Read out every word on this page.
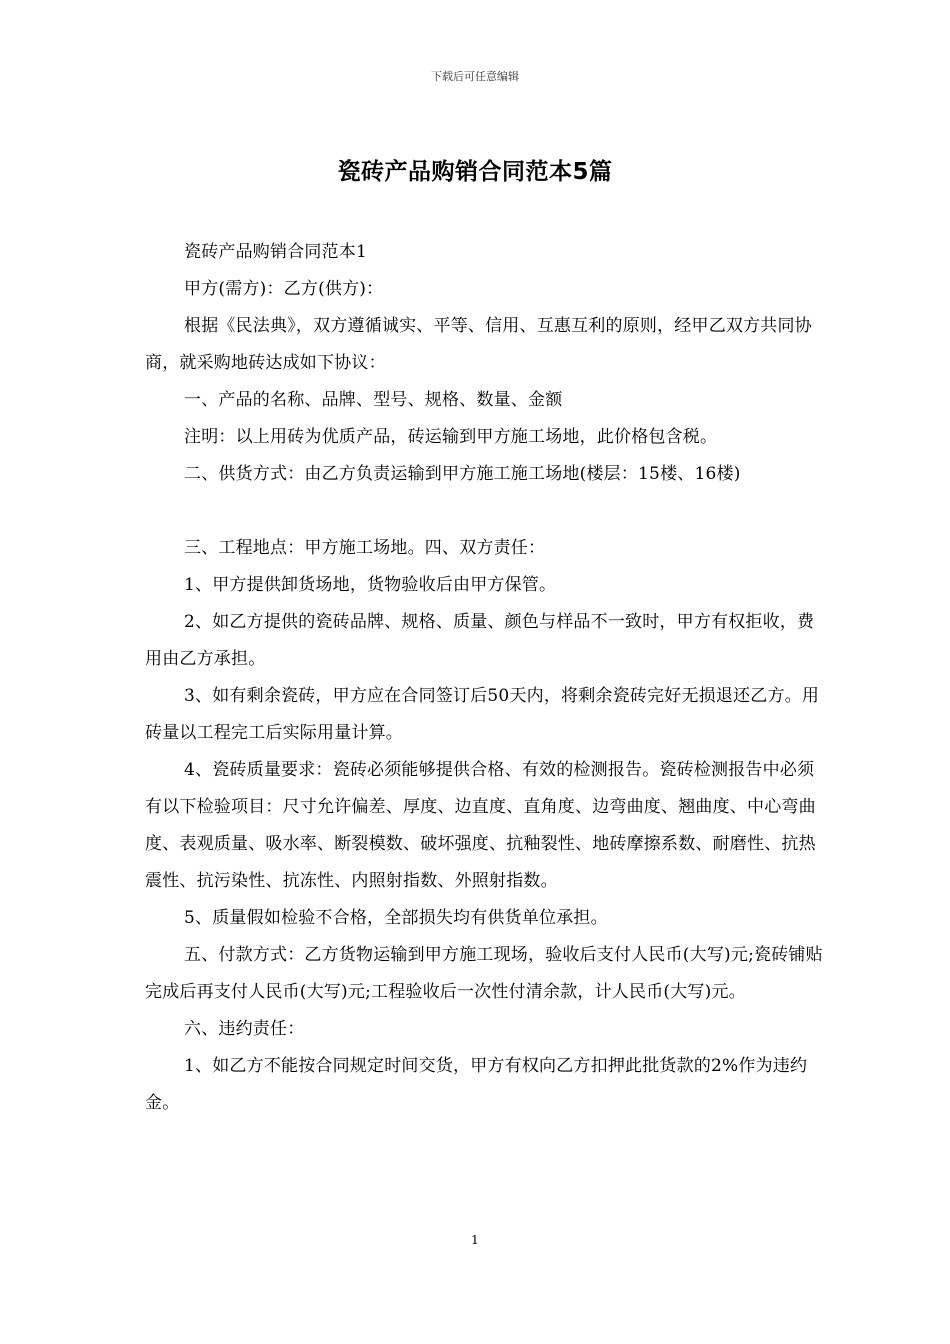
下载后可任意编辑
瓷砖产品购销合同范本5篇

瓷砖产品购销合同范本1

甲方(需方)：乙方(供方)：

根据《民法典》，双方遵循诚实、平等、信用、互惠互利的原则，经甲乙双方共同协商，就采购地砖达成如下协议：

一、产品的名称、品牌、型号、规格、数量、金额

注明：以上用砖为优质产品，砖运输到甲方施工场地，此价格包含税。

二、供货方式：由乙方负责运输到甲方施工施工场地(楼层：15楼、16楼)

三、工程地点：甲方施工场地。四、双方责任：

1、甲方提供卸货场地，货物验收后由甲方保管。

2、如乙方提供的瓷砖品牌、规格、质量、颜色与样品不一致时，甲方有权拒收，费用由乙方承担。

3、如有剩余瓷砖，甲方应在合同签订后50天内，将剩余瓷砖完好无损退还乙方。用砖量以工程完工后实际用量计算。

4、瓷砖质量要求：瓷砖必须能够提供合格、有效的检测报告。瓷砖检测报告中必须有以下检验项目：尺寸允许偏差、厚度、边直度、直角度、边弯曲度、翘曲度、中心弯曲度、表观质量、吸水率、断裂模数、破坏强度、抗釉裂性、地砖摩擦系数、耐磨性、抗热震性、抗污染性、抗冻性、内照射指数、外照射指数。

5、质量假如检验不合格，全部损失均有供货单位承担。

五、付款方式：乙方货物运输到甲方施工现场，验收后支付人民币(大写)元;瓷砖铺贴完成后再支付人民币(大写)元;工程验收后一次性付清余款，计人民币(大写)元。

六、违约责任：

1、如乙方不能按合同规定时间交货，甲方有权向乙方扣押此批货款的2%作为违约金。

1
